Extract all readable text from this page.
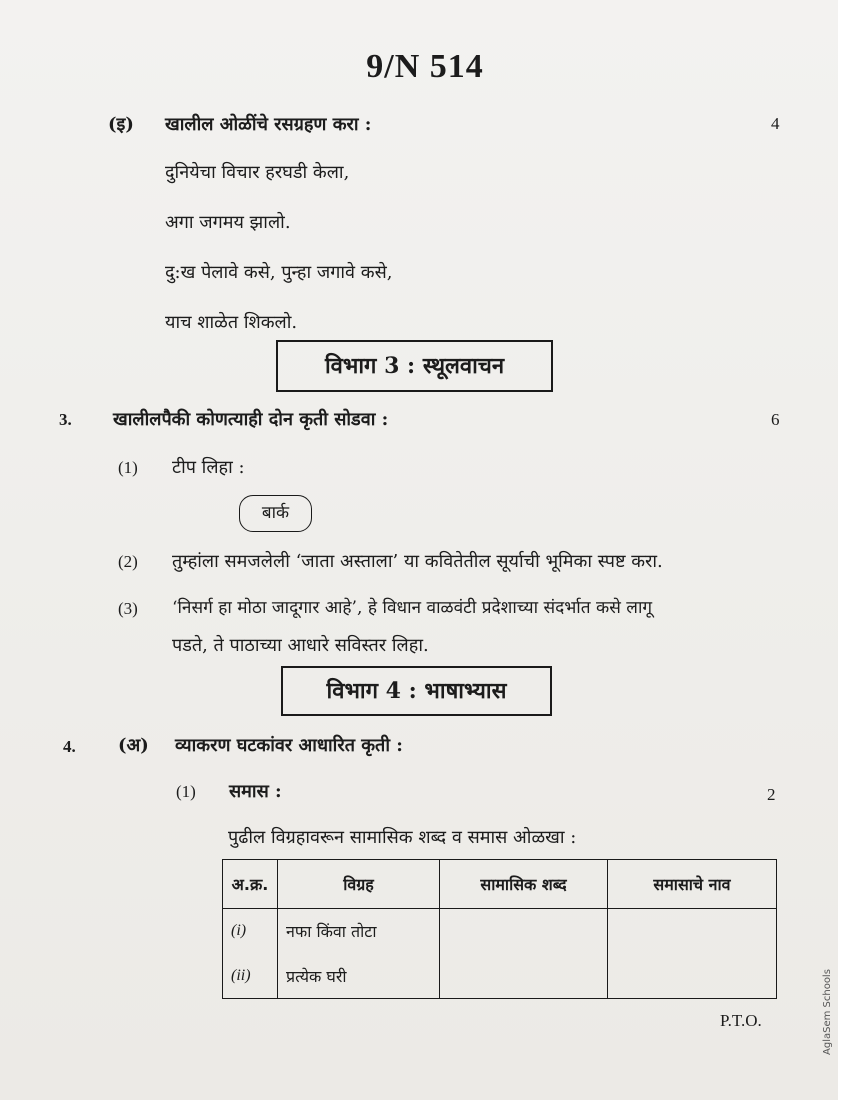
9/N 514
(इ) खालील ओळींचे रसग्रहण करा :	4
दुनियेचा विचार हरघडी केला,
अगा जगमय झालो.
दु:ख पेलावे कसे, पुन्हा जगावे कसे,
याच शाळेत शिकलो.
विभाग 3 : स्थूलवाचन
3. खालीलपैकी कोणत्याही दोन कृती सोडवा :	6
(1) टीप लिहा :
बार्क
(2) तुम्हांला समजलेली ‘जाता अस्ताला’ या कवितेतील सूर्याची भूमिका स्पष्ट करा.
(3) ‘निसर्ग हा मोठा जादूगार आहे’, हे विधान वाळवंटी प्रदेशाच्या संदर्भात कसे लागू
पडते, ते पाठाच्या आधारे सविस्तर लिहा.
विभाग 4 : भाषाभ्यास
4. (अ) व्याकरण घटकांवर आधारित कृती :
(1) समास :	2
पुढील विग्रहावरून सामासिक शब्द व समास ओळखा :
अ.क्र.	विग्रह	सामासिक शब्द	समासाचे नाव
(i)	नफा किंवा तोटा		
(ii)	प्रत्येक घरी		
P.T.O.	AglaSem Schools
